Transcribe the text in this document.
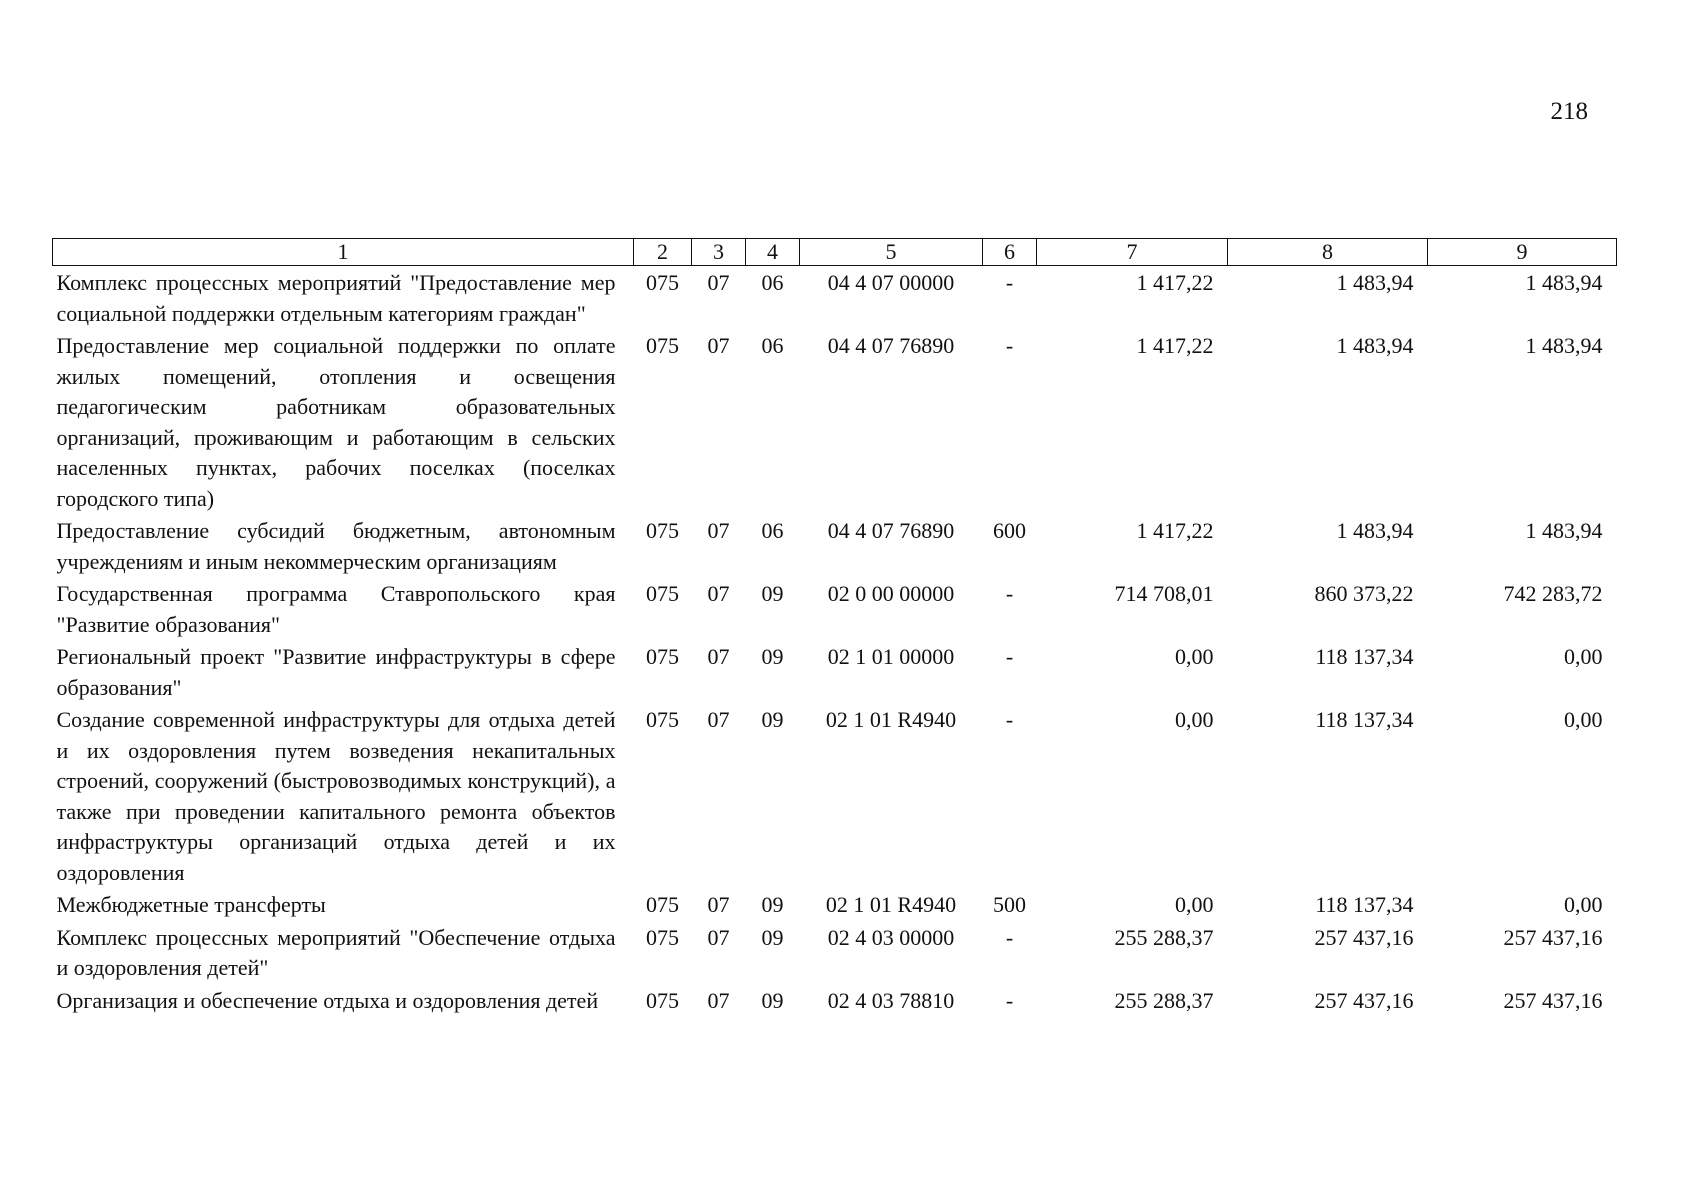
218
1	2	3	4	5	6	7	8	9
Комплекс процессных мероприятий "Предоставление мер социальной поддержки отдельным категориям граждан"	075	07	06	04 4 07 00000	-	1 417,22	1 483,94	1 483,94
Предоставление мер социальной поддержки по оплате жилых помещений, отопления и освещения педагогическим работникам образовательных организаций, проживающим и работающим в сельских населенных пунктах, рабочих поселках (поселках городского типа)	075	07	06	04 4 07 76890	-	1 417,22	1 483,94	1 483,94
Предоставление субсидий бюджетным, автономным учреждениям и иным некоммерческим организациям	075	07	06	04 4 07 76890	600	1 417,22	1 483,94	1 483,94
Государственная программа Ставропольского края "Развитие образования"	075	07	09	02 0 00 00000	-	714 708,01	860 373,22	742 283,72
Региональный проект "Развитие инфраструктуры в сфере образования"	075	07	09	02 1 01 00000	-	0,00	118 137,34	0,00
Создание современной инфраструктуры для отдыха детей и их оздоровления путем возведения некапитальных строений, сооружений (быстровозводимых конструкций), а также при проведении капитального ремонта объектов инфраструктуры организаций отдыха детей и их оздоровления	075	07	09	02 1 01 R4940	-	0,00	118 137,34	0,00
Межбюджетные трансферты	075	07	09	02 1 01 R4940	500	0,00	118 137,34	0,00
Комплекс процессных мероприятий "Обеспечение отдыха и оздоровления детей"	075	07	09	02 4 03 00000	-	255 288,37	257 437,16	257 437,16
Организация и обеспечение отдыха и оздоровления детей	075	07	09	02 4 03 78810	-	255 288,37	257 437,16	257 437,16
